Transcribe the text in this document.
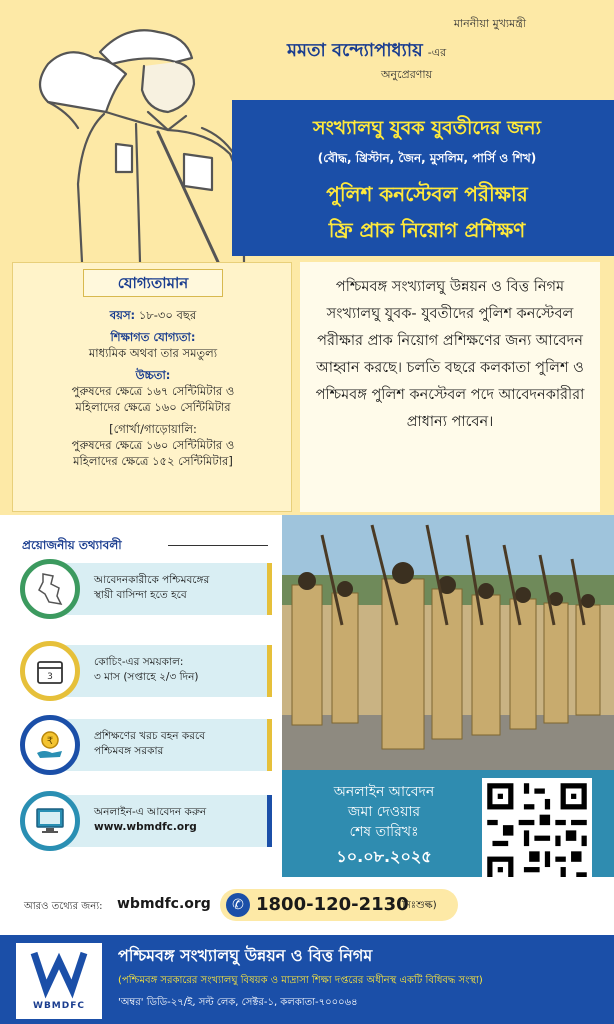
মাননীয়া মুখ্যমন্ত্রী
মমতা বন্দ্যোপাধ্যায় -এর
অনুপ্রেরণায়
সংখ্যালঘু যুবক যুবতীদের জন্য
(বৌদ্ধ, খ্রিস্টান, জৈন, মুসলিম, পার্সি ও শিখ)
পুলিশ কনস্টেবল পরীক্ষার
ফ্রি প্রাক নিয়োগ প্রশিক্ষণ
যোগ্যতামান
বয়স: ১৮-৩০ বছর
শিক্ষাগত যোগ্যতা:
মাধ্যমিক অথবা তার সমতুল্য
উচ্চতা:
পুরুষদের ক্ষেত্রে ১৬৭ সেন্টিমিটার ও
মহিলাদের ক্ষেত্রে ১৬০ সেন্টিমিটার
[গোর্খা/গাড়োয়ালি:
পুরুষদের ক্ষেত্রে ১৬০ সেন্টিমিটার ও
মহিলাদের ক্ষেত্রে ১৫২ সেন্টিমিটার]

পশ্চিমবঙ্গ সংখ্যালঘু উন্নয়ন ও বিত্ত নিগম সংখ্যালঘু যুবক- যুবতীদের পুলিশ কনস্টেবল পরীক্ষার প্রাক নিয়োগ প্রশিক্ষণের জন্য আবেদন আহ্বান করছে। চলতি বছরে কলকাতা পুলিশ ও পশ্চিমবঙ্গ পুলিশ কনস্টেবল পদে আবেদনকারীরা প্রাধান্য পাবেন।

প্রয়োজনীয় তথ্যাবলী
আবেদনকারীকে পশ্চিমবঙ্গের
স্থায়ী বাসিন্দা হতে হবে
3
কোচিং-এর সময়কাল:
৩ মাস (সপ্তাহে ২/৩ দিন)
₹	প্রশিক্ষণের খরচ বহন করবে
পশ্চিমবঙ্গ সরকার
অনলাইন-এ আবেদন করুন
www.wbmdfc.org
অনলাইন আবেদন
জমা দেওয়ার
শেষ তারিখঃ
১০.০৮.২০২৫
আরও তথ্যের জন্য: wbmdfc.org	✆ 1800-120-2130
(নিঃশুল্ক)
WBMDFC
পশ্চিমবঙ্গ সংখ্যালঘু উন্নয়ন ও বিত্ত নিগম
(পশ্চিমবঙ্গ সরকারের সংখ্যালঘু বিষয়ক ও মাদ্রাসা শিক্ষা দপ্তরের অধীনস্থ একটি বিধিবদ্ধ সংস্থা)
'অম্বর' ডিডি-২৭/ই, সল্ট লেক, সেক্টর-১, কলকাতা-৭০০০৬৪
